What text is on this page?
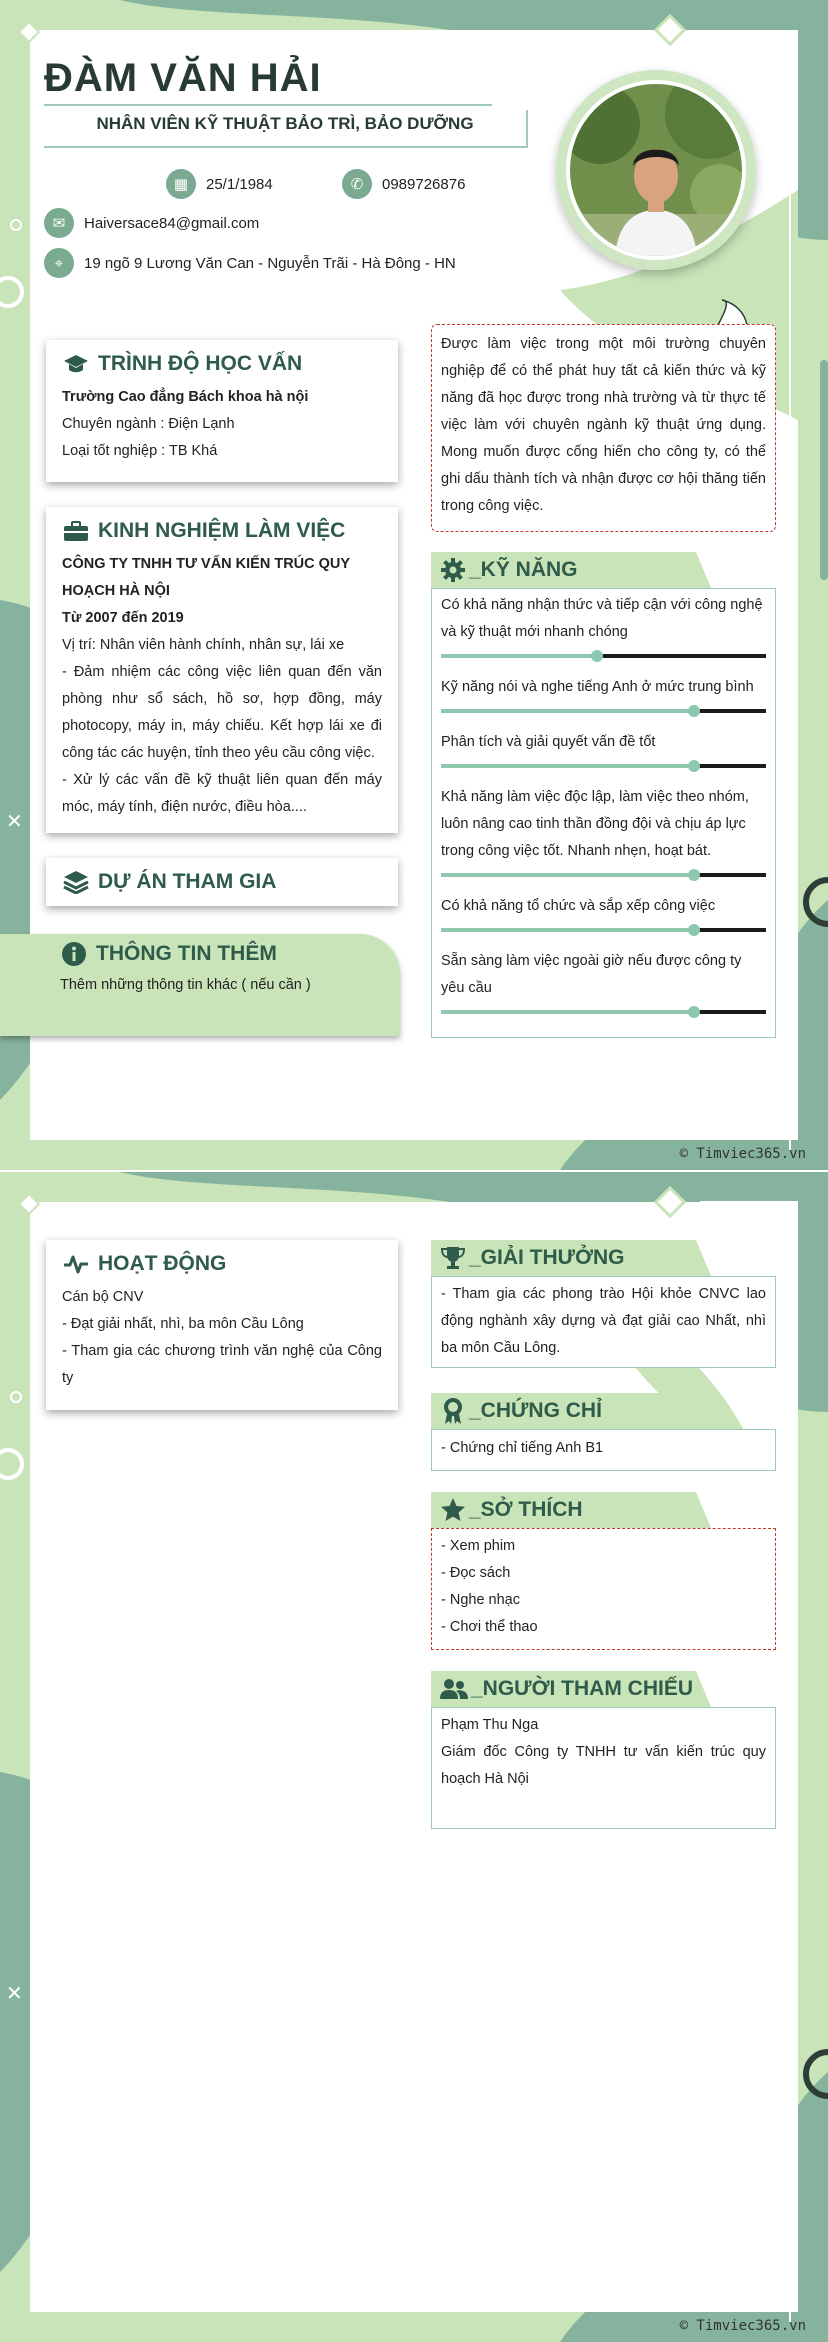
✕
ĐÀM VĂN HẢI
NHÂN VIÊN KỸ THUẬT BẢO TRÌ, BẢO DƯỠNG
▦	25/1/1984	✆	0989726876
✉	Haiversace84@gmail.com
⌖	19 ngõ 9 Lương Văn Can - Nguyễn Trãi - Hà Đông - HN
Được làm việc trong một môi trường chuyên nghiệp để có thể phát huy tất cả kiến thức và kỹ năng đã học được trong nhà trường và từ thực tế việc làm với chuyên ngành kỹ thuật ứng dụng. Mong muốn được cống hiến cho công ty, có thể ghi dấu thành tích và nhận được cơ hội thăng tiến trong công việc.
TRÌNH ĐỘ HỌC VẤN
Trường Cao đẳng Bách khoa hà nội
Chuyên ngành : Điện Lạnh
Loại tốt nghiệp : TB Khá
KINH NGHIỆM LÀM VIỆC
CÔNG TY TNHH TƯ VẤN KIẾN TRÚC QUY HOẠCH HÀ NỘI
Từ 2007 đến 2019
Vị trí: Nhân viên hành chính, nhân sự, lái xe
- Đảm nhiệm các công việc liên quan đến văn phòng như sổ sách, hồ sơ, hợp đồng, máy photocopy, máy in, máy chiếu. Kết hợp lái xe đi công tác các huyện, tỉnh theo yêu cầu công việc.
- Xử lý các vấn đề kỹ thuật liên quan đến máy móc, máy tính, điện nước, điều hòa....
DỰ ÁN THAM GIA
THÔNG TIN THÊM
Thêm những thông tin khác ( nếu cần )
_KỸ NĂNG
Có khả năng nhận thức và tiếp cận với công nghệ và kỹ thuật mới nhanh chóng
Kỹ năng nói và nghe tiếng Anh ở mức trung bình
Phân tích và giải quyết vấn đề tốt
Khả năng làm việc độc lập, làm việc theo nhóm, luôn nâng cao tinh thần đồng đội và chịu áp lực trong công việc tốt. Nhanh nhẹn, hoạt bát.
Có khả năng tổ chức và sắp xếp công việc
Sẵn sàng làm việc ngoài giờ nếu được công ty yêu cầu
© Timviec365.vn
✕
HOẠT ĐỘNG
Cán bộ CNV
- Đạt giải nhất, nhì, ba môn Cầu Lông
- Tham gia các chương trình văn nghệ của Công ty
_GIẢI THƯỞNG
- Tham gia các phong trào Hội khỏe CNVC lao động nghành xây dựng và đạt giải cao Nhất, nhì ba môn Cầu Lông.
_CHỨNG CHỈ
- Chứng chỉ tiếng Anh B1
_SỞ THÍCH
- Xem phim
- Đọc sách
- Nghe nhạc
- Chơi thể thao
_NGƯỜI THAM CHIẾU
Phạm Thu Nga
Giám đốc Công ty TNHH tư vấn kiến trúc quy hoạch Hà Nội
© Timviec365.vn
